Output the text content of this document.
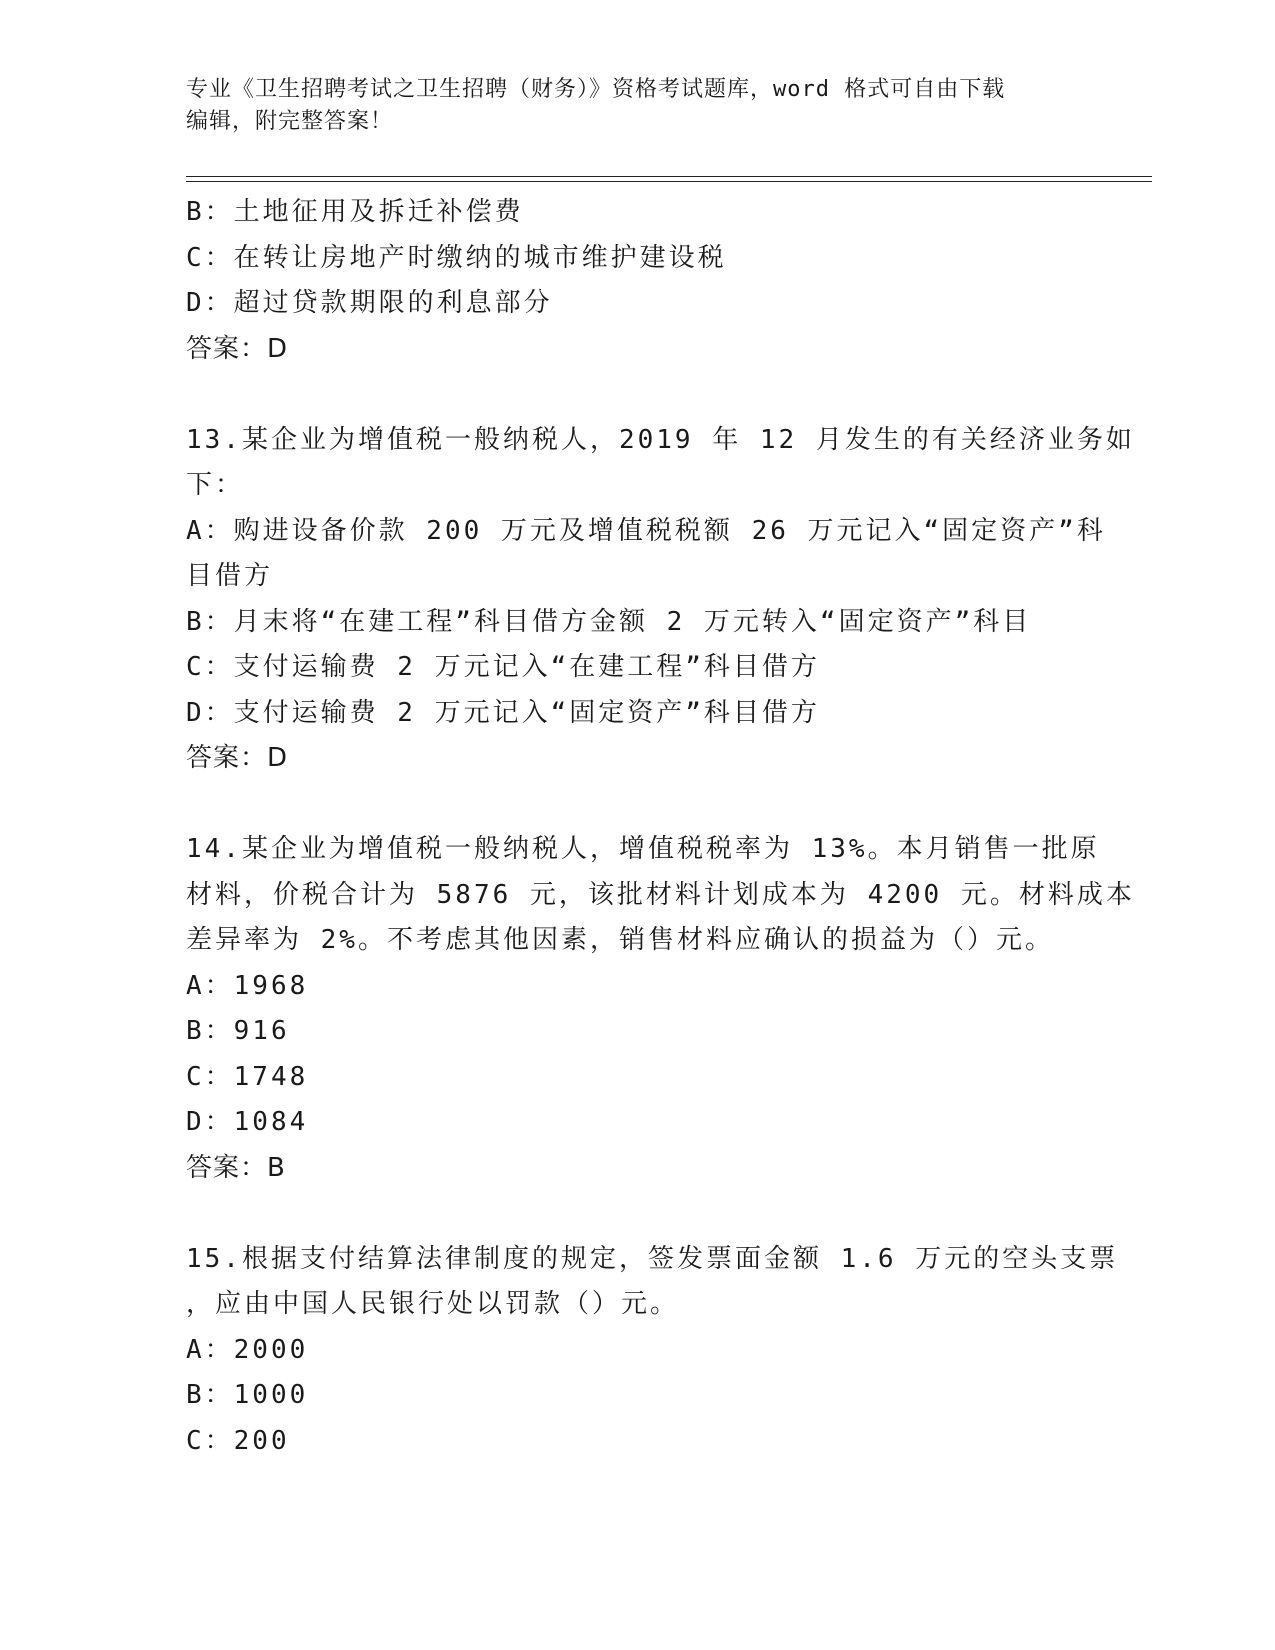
专业《卫生招聘考试之卫生招聘（财务）》资格考试题库，word 格式可自由下载
编辑，附完整答案！
B：土地征用及拆迁补偿费
C：在转让房地产时缴纳的城市维护建设税
D：超过贷款期限的利息部分
答案：D
13.某企业为增值税一般纳税人，2019 年 12 月发生的有关经济业务如
下：
A：购进设备价款 200 万元及增值税税额 26 万元记入“固定资产”科
目借方
B：月末将“在建工程”科目借方金额 2 万元转入“固定资产”科目
C：支付运输费 2 万元记入“在建工程”科目借方
D：支付运输费 2 万元记入“固定资产”科目借方
答案：D
14.某企业为增值税一般纳税人，增值税税率为 13%。本月销售一批原
材料，价税合计为 5876 元，该批材料计划成本为 4200 元。材料成本
差异率为 2%。不考虑其他因素，销售材料应确认的损益为（）元。
A：1968
B：916
C：1748
D：1084
答案：B
15.根据支付结算法律制度的规定，签发票面金额 1.6 万元的空头支票
，应由中国人民银行处以罚款（）元。
A：2000
B：1000
C：200
